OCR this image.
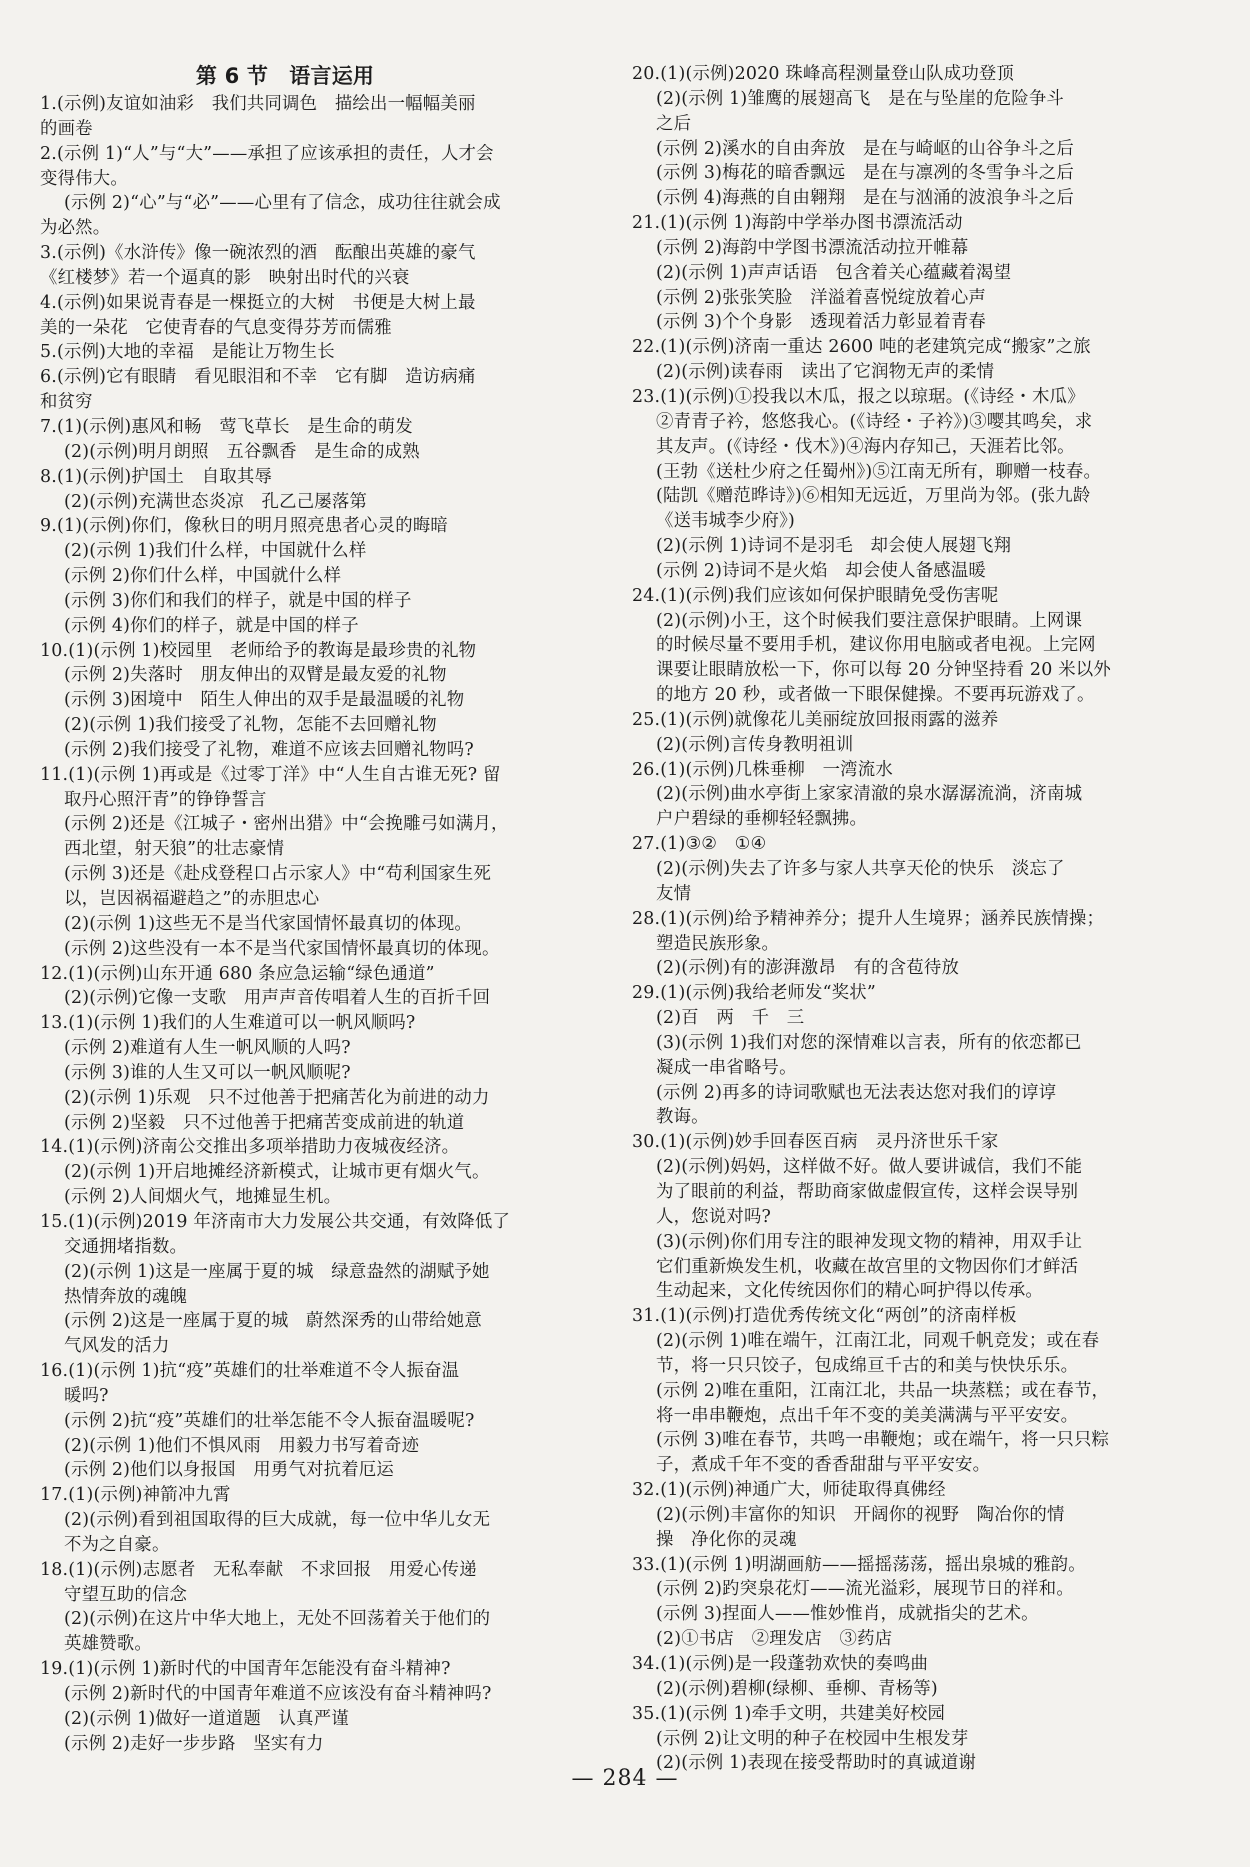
第 6 节　语言运用
1.(示例)友谊如油彩　我们共同调色　描绘出一幅幅美丽
的画卷
2.(示例 1)“人”与“大”——承担了应该承担的责任，人才会
变得伟大。
(示例 2)“心”与“必”——心里有了信念，成功往往就会成
为必然。
3.(示例)《水浒传》像一碗浓烈的酒　酝酿出英雄的豪气
《红楼梦》若一个逼真的影　映射出时代的兴衰
4.(示例)如果说青春是一棵挺立的大树　书便是大树上最
美的一朵花　它使青春的气息变得芬芳而儒雅
5.(示例)大地的幸福　是能让万物生长
6.(示例)它有眼睛　看见眼泪和不幸　它有脚　造访病痛
和贫穷
7.(1)(示例)惠风和畅　莺飞草长　是生命的萌发
(2)(示例)明月朗照　五谷飘香　是生命的成熟
8.(1)(示例)护国土　自取其辱
(2)(示例)充满世态炎凉　孔乙己屡落第
9.(1)(示例)你们，像秋日的明月照亮患者心灵的晦暗
(2)(示例 1)我们什么样，中国就什么样
(示例 2)你们什么样，中国就什么样
(示例 3)你们和我们的样子，就是中国的样子
(示例 4)你们的样子，就是中国的样子
10.(1)(示例 1)校园里　老师给予的教诲是最珍贵的礼物
(示例 2)失落时　朋友伸出的双臂是最友爱的礼物
(示例 3)困境中　陌生人伸出的双手是最温暖的礼物
(2)(示例 1)我们接受了礼物，怎能不去回赠礼物
(示例 2)我们接受了礼物，难道不应该去回赠礼物吗?
11.(1)(示例 1)再或是《过零丁洋》中“人生自古谁无死? 留
取丹心照汗青”的铮铮誓言
(示例 2)还是《江城子・密州出猎》中“会挽雕弓如满月，
西北望，射天狼”的壮志豪情
(示例 3)还是《赴戍登程口占示家人》中“苟利国家生死
以，岂因祸福避趋之”的赤胆忠心
(2)(示例 1)这些无不是当代家国情怀最真切的体现。
(示例 2)这些没有一本不是当代家国情怀最真切的体现。
12.(1)(示例)山东开通 680 条应急运输“绿色通道”
(2)(示例)它像一支歌　用声声音传唱着人生的百折千回
13.(1)(示例 1)我们的人生难道可以一帆风顺吗?
(示例 2)难道有人生一帆风顺的人吗?
(示例 3)谁的人生又可以一帆风顺呢?
(2)(示例 1)乐观　只不过他善于把痛苦化为前进的动力
(示例 2)坚毅　只不过他善于把痛苦变成前进的轨道
14.(1)(示例)济南公交推出多项举措助力夜城夜经济。
(2)(示例 1)开启地摊经济新模式，让城市更有烟火气。
(示例 2)人间烟火气，地摊显生机。
15.(1)(示例)2019 年济南市大力发展公共交通，有效降低了
交通拥堵指数。
(2)(示例 1)这是一座属于夏的城　绿意盎然的湖赋予她
热情奔放的魂魄
(示例 2)这是一座属于夏的城　蔚然深秀的山带给她意
气风发的活力
16.(1)(示例 1)抗“疫”英雄们的壮举难道不令人振奋温
暖吗?
(示例 2)抗“疫”英雄们的壮举怎能不令人振奋温暖呢?
(2)(示例 1)他们不惧风雨　用毅力书写着奇迹
(示例 2)他们以身报国　用勇气对抗着厄运
17.(1)(示例)神箭冲九霄
(2)(示例)看到祖国取得的巨大成就，每一位中华儿女无
不为之自豪。
18.(1)(示例)志愿者　无私奉献　不求回报　用爱心传递
守望互助的信念
(2)(示例)在这片中华大地上，无处不回荡着关于他们的
英雄赞歌。
19.(1)(示例 1)新时代的中国青年怎能没有奋斗精神?
(示例 2)新时代的中国青年难道不应该没有奋斗精神吗?
(2)(示例 1)做好一道道题　认真严谨
(示例 2)走好一步步路　坚实有力
20.(1)(示例)2020 珠峰高程测量登山队成功登顶
(2)(示例 1)雏鹰的展翅高飞　是在与坠崖的危险争斗
之后
(示例 2)溪水的自由奔放　是在与崎岖的山谷争斗之后
(示例 3)梅花的暗香飘远　是在与凛冽的冬雪争斗之后
(示例 4)海燕的自由翱翔　是在与汹涌的波浪争斗之后
21.(1)(示例 1)海韵中学举办图书漂流活动
(示例 2)海韵中学图书漂流活动拉开帷幕
(2)(示例 1)声声话语　包含着关心蕴藏着渴望
(示例 2)张张笑脸　洋溢着喜悦绽放着心声
(示例 3)个个身影　透现着活力彰显着青春
22.(1)(示例)济南一重达 2600 吨的老建筑完成“搬家”之旅
(2)(示例)读春雨　读出了它润物无声的柔情
23.(1)(示例)①投我以木瓜，报之以琼琚。(《诗经・木瓜》
②青青子衿，悠悠我心。(《诗经・子衿》)③嘤其鸣矣，求
其友声。(《诗经・伐木》)④海内存知己，天涯若比邻。
(王勃《送杜少府之任蜀州》)⑤江南无所有，聊赠一枝春。
(陆凯《赠范晔诗》)⑥相知无远近，万里尚为邻。(张九龄
《送韦城李少府》)
(2)(示例 1)诗词不是羽毛　却会使人展翅飞翔
(示例 2)诗词不是火焰　却会使人备感温暖
24.(1)(示例)我们应该如何保护眼睛免受伤害呢
(2)(示例)小王，这个时候我们要注意保护眼睛。上网课
的时候尽量不要用手机，建议你用电脑或者电视。上完网
课要让眼睛放松一下，你可以每 20 分钟坚持看 20 米以外
的地方 20 秒，或者做一下眼保健操。不要再玩游戏了。
25.(1)(示例)就像花儿美丽绽放回报雨露的滋养
(2)(示例)言传身教明祖训
26.(1)(示例)几株垂柳　一湾流水
(2)(示例)曲水亭街上家家清澈的泉水潺潺流淌，济南城
户户碧绿的垂柳轻轻飘拂。
27.(1)③②　①④
(2)(示例)失去了许多与家人共享天伦的快乐　淡忘了
友情
28.(1)(示例)给予精神养分；提升人生境界；涵养民族情操；
塑造民族形象。
(2)(示例)有的澎湃激昂　有的含苞待放
29.(1)(示例)我给老师发“奖状”
(2)百　两　千　三
(3)(示例 1)我们对您的深情难以言表，所有的依恋都已
凝成一串省略号。
(示例 2)再多的诗词歌赋也无法表达您对我们的谆谆
教诲。
30.(1)(示例)妙手回春医百病　灵丹济世乐千家
(2)(示例)妈妈，这样做不好。做人要讲诚信，我们不能
为了眼前的利益，帮助商家做虚假宣传，这样会误导别
人，您说对吗?
(3)(示例)你们用专注的眼神发现文物的精神，用双手让
它们重新焕发生机，收藏在故宫里的文物因你们才鲜活
生动起来，文化传统因你们的精心呵护得以传承。
31.(1)(示例)打造优秀传统文化“两创”的济南样板
(2)(示例 1)唯在端午，江南江北，同观千帆竞发；或在春
节，将一只只饺子，包成绵亘千古的和美与快快乐乐。
(示例 2)唯在重阳，江南江北，共品一块蒸糕；或在春节，
将一串串鞭炮，点出千年不变的美美满满与平平安安。
(示例 3)唯在春节，共鸣一串鞭炮；或在端午，将一只只粽
子，煮成千年不变的香香甜甜与平平安安。
32.(1)(示例)神通广大，师徒取得真佛经
(2)(示例)丰富你的知识　开阔你的视野　陶冶你的情
操　净化你的灵魂
33.(1)(示例 1)明湖画舫——摇摇荡荡，摇出泉城的雅韵。
(示例 2)趵突泉花灯——流光溢彩，展现节日的祥和。
(示例 3)捏面人——惟妙惟肖，成就指尖的艺术。
(2)①书店　②理发店　③药店
34.(1)(示例)是一段蓬勃欢快的奏鸣曲
(2)(示例)碧柳(绿柳、垂柳、青杨等)
35.(1)(示例 1)牵手文明，共建美好校园
(示例 2)让文明的种子在校园中生根发芽
(2)(示例 1)表现在接受帮助时的真诚道谢
— 284 —
